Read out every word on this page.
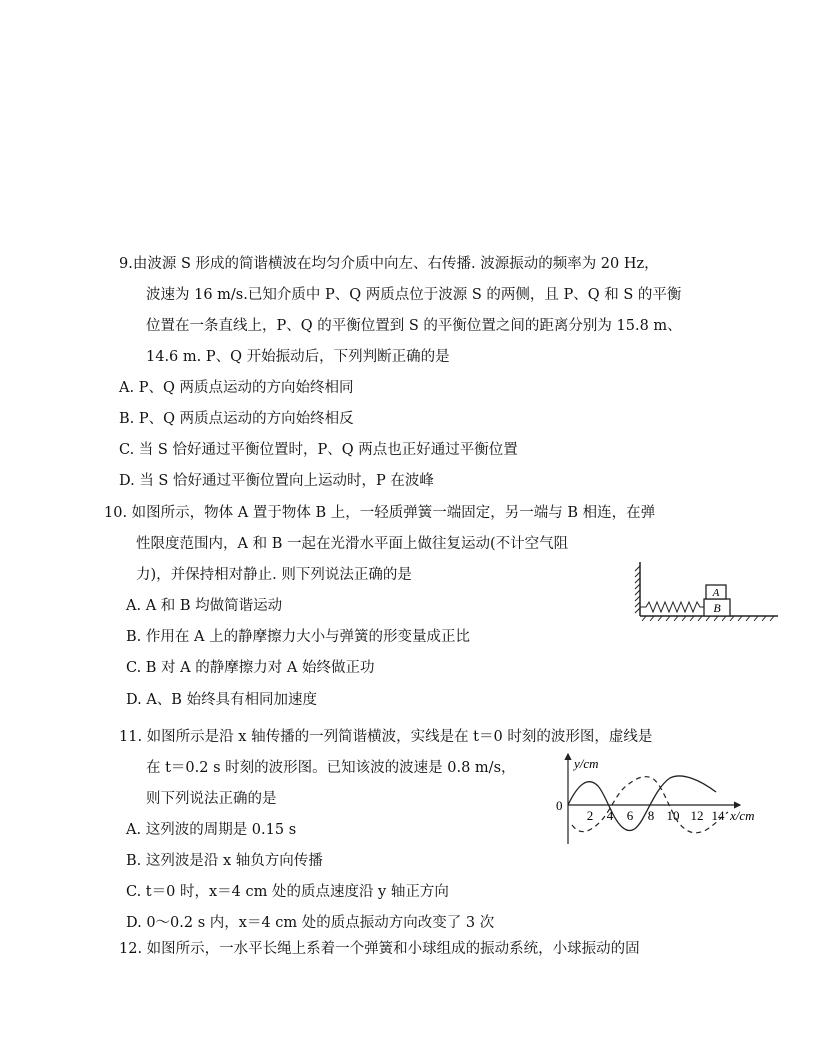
9.由波源 S 形成的简谐横波在均匀介质中向左、右传播. 波源振动的频率为 20 Hz，
波速为 16 m/s.已知介质中 P、Q 两质点位于波源 S 的两侧，且 P、Q 和 S 的平衡
位置在一条直线上，P、Q 的平衡位置到 S 的平衡位置之间的距离分别为 15.8 m、
14.6 m. P、Q 开始振动后，下列判断正确的是
A. P、Q 两质点运动的方向始终相同
B. P、Q 两质点运动的方向始终相反
C. 当 S 恰好通过平衡位置时，P、Q 两点也正好通过平衡位置
D. 当 S 恰好通过平衡位置向上运动时，P 在波峰
10. 如图所示，物体 A 置于物体 B 上，一轻质弹簧一端固定，另一端与 B 相连，在弹
性限度范围内，A 和 B 一起在光滑水平面上做往复运动(不计空气阻
力)，并保持相对静止. 则下列说法正确的是
A. A 和 B 均做简谐运动
B. 作用在 A 上的静摩擦力大小与弹簧的形变量成正比
C. B 对 A 的静摩擦力对 A 始终做正功
D. A、B 始终具有相同加速度
B
A
11. 如图所示是沿 x 轴传播的一列简谐横波，实线是在 t＝0 时刻的波形图，虚线是
在 t＝0.2 s 时刻的波形图。已知该波的波速是 0.8 m/s，
则下列说法正确的是
A. 这列波的周期是 0.15 s
B. 这列波是沿 x 轴负方向传播
C. t＝0 时，x＝4 cm 处的质点速度沿 y 轴正方向
D. 0～0.2 s 内，x＝4 cm 处的质点振动方向改变了 3 次
y/cm
x/cm
0
2 4 6 8 10 12 14
12. 如图所示，一水平长绳上系着一个弹簧和小球组成的振动系统，小球振动的固
